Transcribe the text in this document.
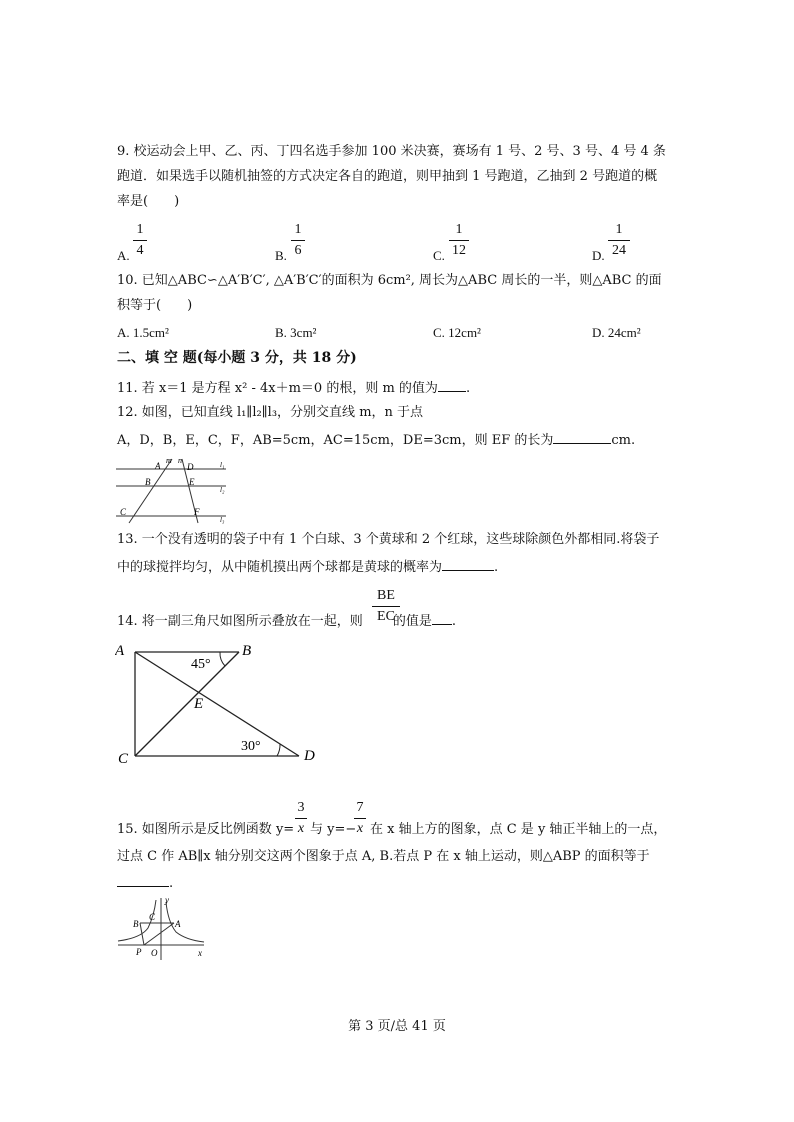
9. 校运动会上甲、乙、丙、丁四名选手参加 100 米决赛，赛场有 1 号、2 号、3 号、4 号 4 条
跑道．如果选手以随机抽签的方式决定各自的跑道，则甲抽到 1 号跑道，乙抽到 2 号跑道的概
率是(　　)
A.
1
4	B.
1
6	C.
1
12	D.
1
24
10. 已知△ABC∽△A′B′C′, △A′B′C′的面积为 6cm², 周长为△ABC 周长的一半，则△ABC 的面
积等于(　　)
A. 1.5cm²	B. 3cm²	C. 12cm²	D. 24cm²
二、填 空 题(每小题 3 分，共 18 分)
11. 若 x＝1 是方程 x² - 4x＋m＝0 的根，则 m 的值为 .
12. 如图，已知直线 l₁∥l₂∥l₃，分别交直线 m，n 于点
A，D，B，E，C，F，AB=5cm，AC=15cm，DE=3cm，则 EF 的长为	cm.
A
m n
D
B	E
C	F
l₁
l₂
l₃
13. 一个没有透明的袋子中有 1 个白球、3 个黄球和 2 个红球，这些球除颜色外都相同.将袋子
中的球搅拌均匀，从中随机摸出两个球都是黄球的概率为	.
14. 将一副三角尺如图所示叠放在一起，则 的值是 .
BE
EC
A	B
C	D
E
45°
30°
3
x
7
x
15. 如图所示是反比例函数 y= 与 y=− 在 x 轴上方的图象，点 C 是 y 轴正半轴上的一点，
过点 C 作 AB∥x 轴分别交这两个图象于点 A, B.若点 P 在 x 轴上运动，则△ABP 的面积等于
.
B
C
A
P O	x
y
第 3 页/总 41 页
